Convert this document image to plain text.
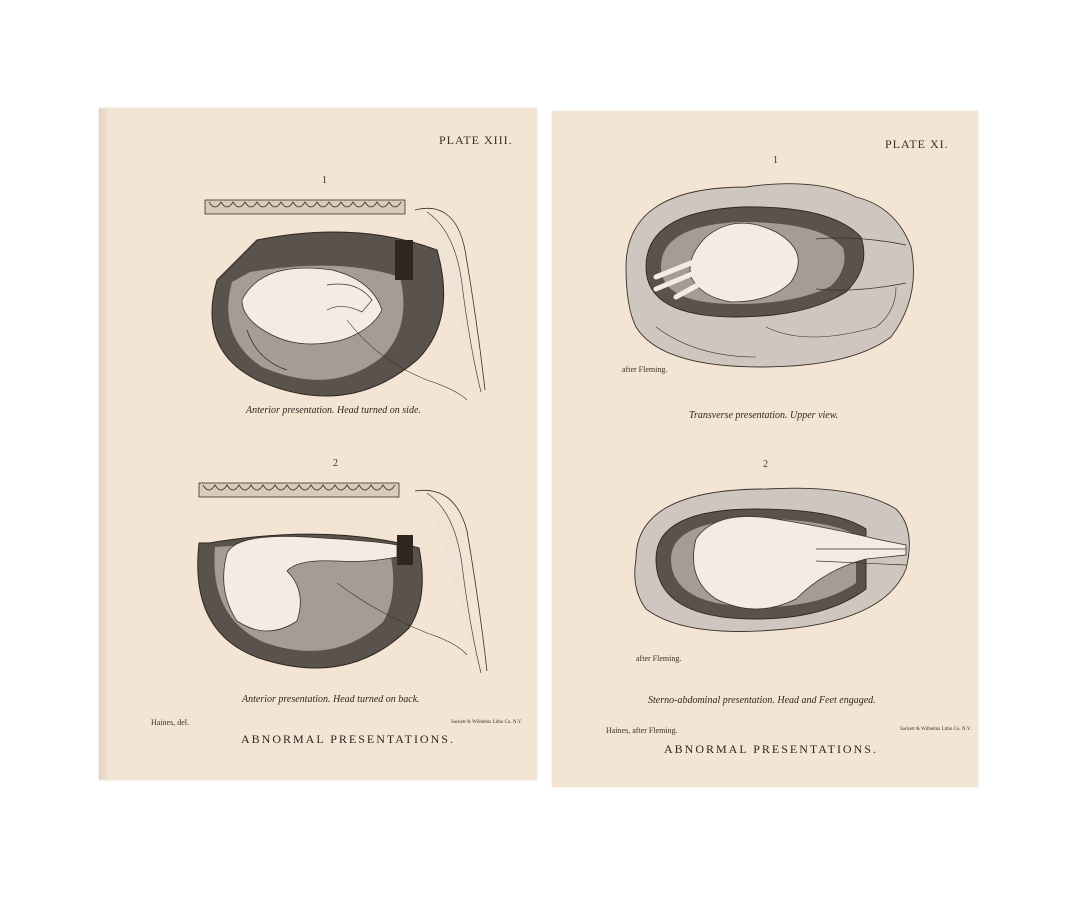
PLATE XIII.
1
Anterior presentation. Head turned on side.
2
Anterior presentation. Head turned on back.
Haines, del.	Sackett & Wilhelms Litho Co. N.Y.
ABNORMAL PRESENTATIONS.
PLATE XI.
1
after Fleming.
Transverse presentation. Upper view.
2
after Fleming.
Sterno-abdominal presentation. Head and Feet engaged.
Haines, after Fleming.	Sackett & Wilhelms Litho Co. N.Y.
ABNORMAL PRESENTATIONS.
